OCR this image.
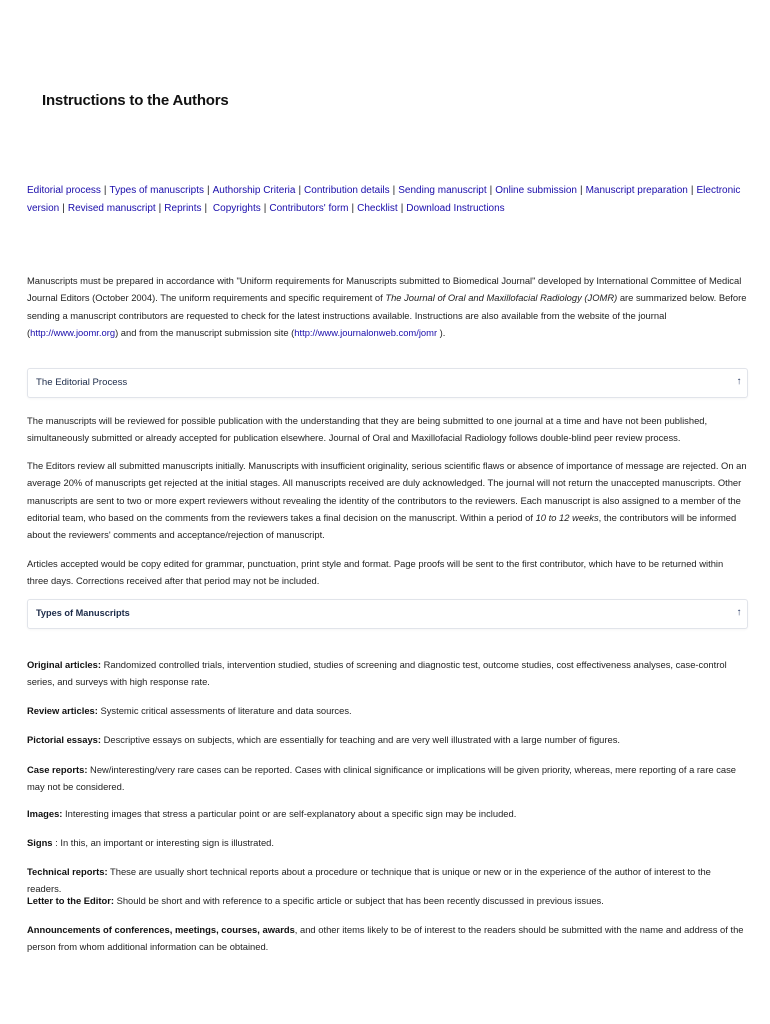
Instructions to the Authors
Editorial process | Types of manuscripts | Authorship Criteria | Contribution details | Sending manuscript | Online submission | Manuscript preparation | Electronic version | Revised manuscript | Reprints | Copyrights | Contributors' form | Checklist | Download Instructions

Manuscripts must be prepared in accordance with "Uniform requirements for Manuscripts submitted to Biomedical Journal" developed by International Committee of Medical Journal Editors (October 2004). The uniform requirements and specific requirement of The Journal of Oral and Maxillofacial Radiology (JOMR) are summarized below. Before sending a manuscript contributors are requested to check for the latest instructions available. Instructions are also available from the website of the journal (http://www.joomr.org) and from the manuscript submission site (http://www.journalonweb.com/jomr ).

The Editorial Process	↑

The manuscripts will be reviewed for possible publication with the understanding that they are being submitted to one journal at a time and have not been published, simultaneously submitted or already accepted for publication elsewhere. Journal of Oral and Maxillofacial Radiology follows double-blind peer review process.

The Editors review all submitted manuscripts initially. Manuscripts with insufficient originality, serious scientific flaws or absence of importance of message are rejected. On an average 20% of manuscripts get rejected at the initial stages. All manuscripts received are duly acknowledged. The journal will not return the unaccepted manuscripts. Other manuscripts are sent to two or more expert reviewers without revealing the identity of the contributors to the reviewers. Each manuscript is also assigned to a member of the editorial team, who based on the comments from the reviewers takes a final decision on the manuscript. Within a period of 10 to 12 weeks, the contributors will be informed about the reviewers' comments and acceptance/rejection of manuscript.

Articles accepted would be copy edited for grammar, punctuation, print style and format. Page proofs will be sent to the first contributor, which have to be returned within three days. Corrections received after that period may not be included.

Types of Manuscripts	↑

Original articles: Randomized controlled trials, intervention studied, studies of screening and diagnostic test, outcome studies, cost effectiveness analyses, case-control series, and surveys with high response rate.

Review articles: Systemic critical assessments of literature and data sources.

Pictorial essays: Descriptive essays on subjects, which are essentially for teaching and are very well illustrated with a large number of figures.

Case reports: New/interesting/very rare cases can be reported. Cases with clinical significance or implications will be given priority, whereas, mere reporting of a rare case may not be considered.

Images: Interesting images that stress a particular point or are self-explanatory about a specific sign may be included.

Signs : In this, an important or interesting sign is illustrated.

Technical reports: These are usually short technical reports about a procedure or technique that is unique or new or in the experience of the author of interest to the readers.

Letter to the Editor: Should be short and with reference to a specific article or subject that has been recently discussed in previous issues.

Announcements of conferences, meetings, courses, awards, and other items likely to be of interest to the readers should be submitted with the name and address of the person from whom additional information can be obtained.
